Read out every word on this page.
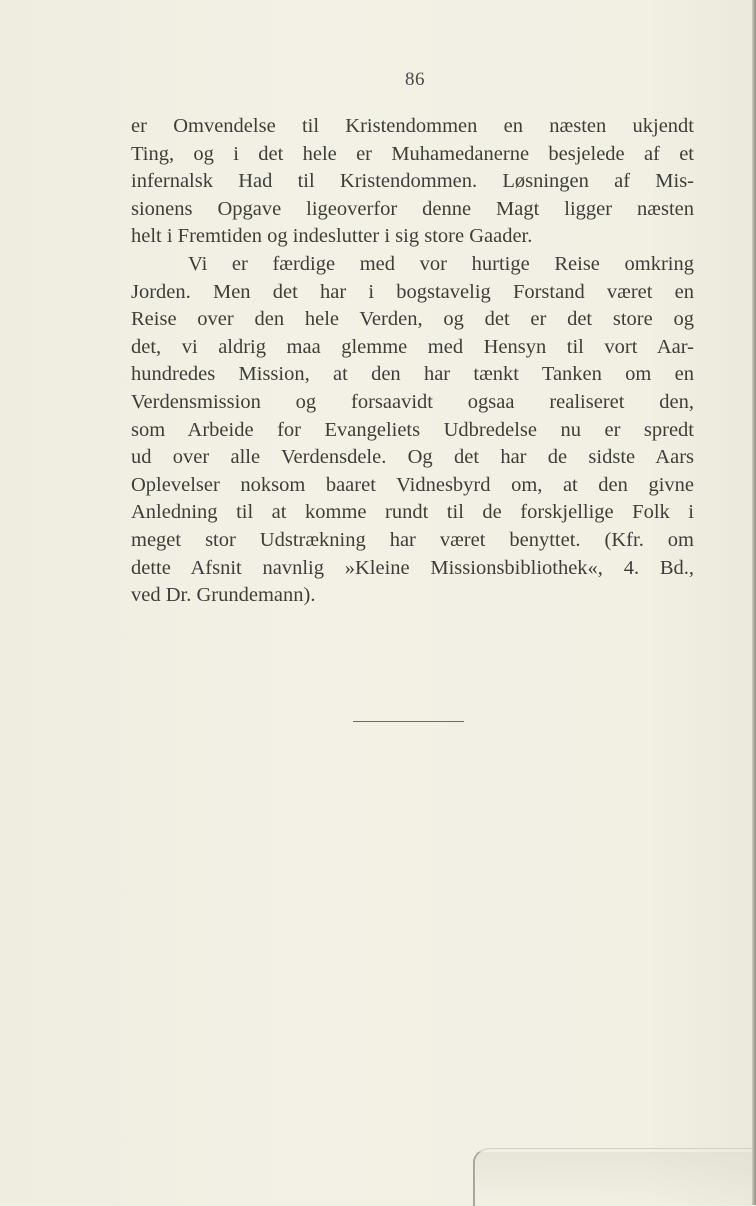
86
er Omvendelse til Kristendommen en næsten ukjendt
Ting, og i det hele er Muhamedanerne besjelede af et
infernalsk Had til Kristendommen. Løsningen af Mis-
sionens Opgave ligeoverfor denne Magt ligger næsten
helt i Fremtiden og indeslutter i sig store Gaader.
Vi er færdige med vor hurtige Reise omkring
Jorden. Men det har i bogstavelig Forstand været en
Reise over den hele Verden, og det er det store og
det, vi aldrig maa glemme med Hensyn til vort Aar-
hundredes Mission, at den har tænkt Tanken om en
Verdensmission og forsaavidt ogsaa realiseret den,
som Arbeide for Evangeliets Udbredelse nu er spredt
ud over alle Verdensdele. Og det har de sidste Aars
Oplevelser noksom baaret Vidnesbyrd om, at den givne
Anledning til at komme rundt til de forskjellige Folk i
meget stor Udstrækning har været benyttet. (Kfr. om
dette Afsnit navnlig »Kleine Missionsbibliothek«, 4. Bd.,
ved Dr. Grundemann).
